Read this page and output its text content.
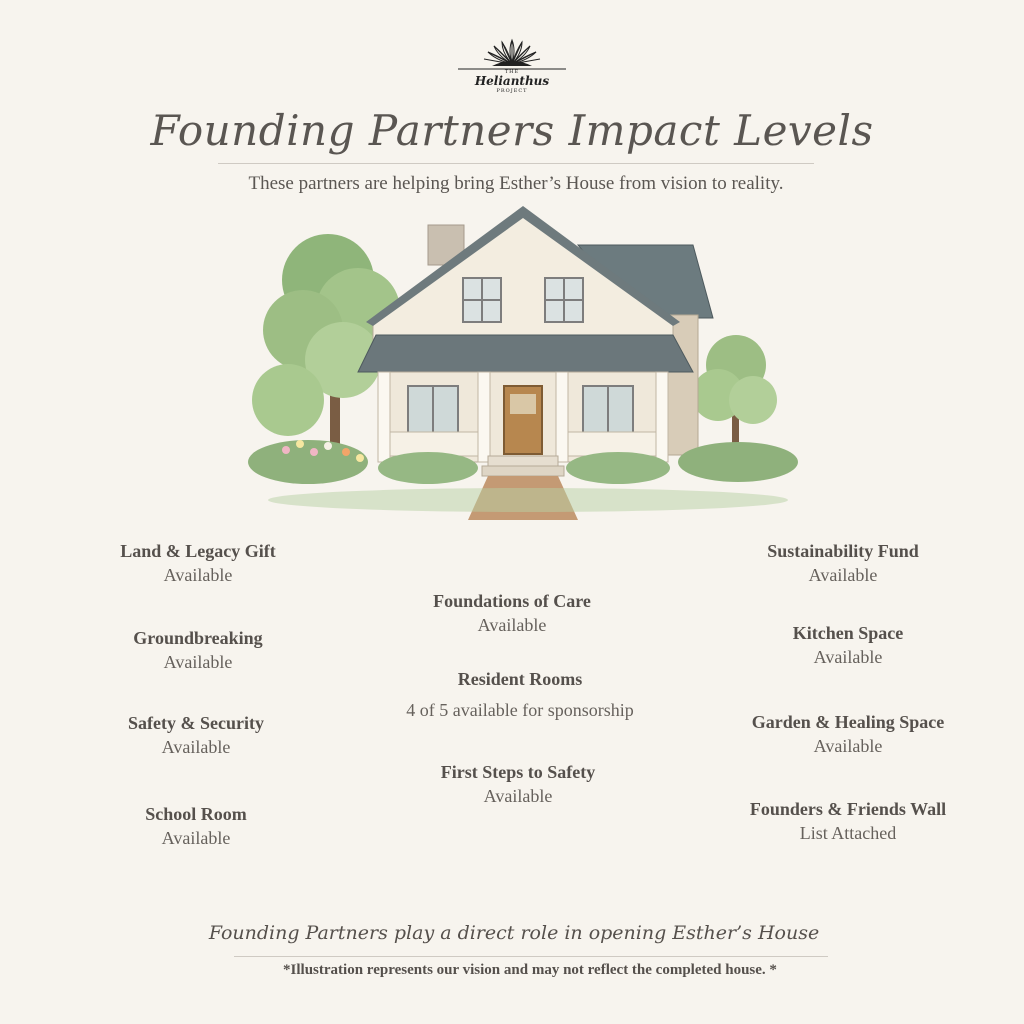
THE
Helianthus
PROJECT
Founding Partners Impact Levels
These partners are helping bring Esther’s House from vision to reality.
Land & Legacy Gift
Available
Groundbreaking
Available
Safety & Security
Available
School Room
Available
Foundations of Care
Available
Resident Rooms
4 of 5 available for sponsorship
First Steps to Safety
Available
Sustainability Fund
Available
Kitchen Space
Available
Garden & Healing Space
Available
Founders & Friends Wall
List Attached
Founding Partners play a direct role in opening Esther’s House
*Illustration represents our vision and may not reflect the completed house. *
